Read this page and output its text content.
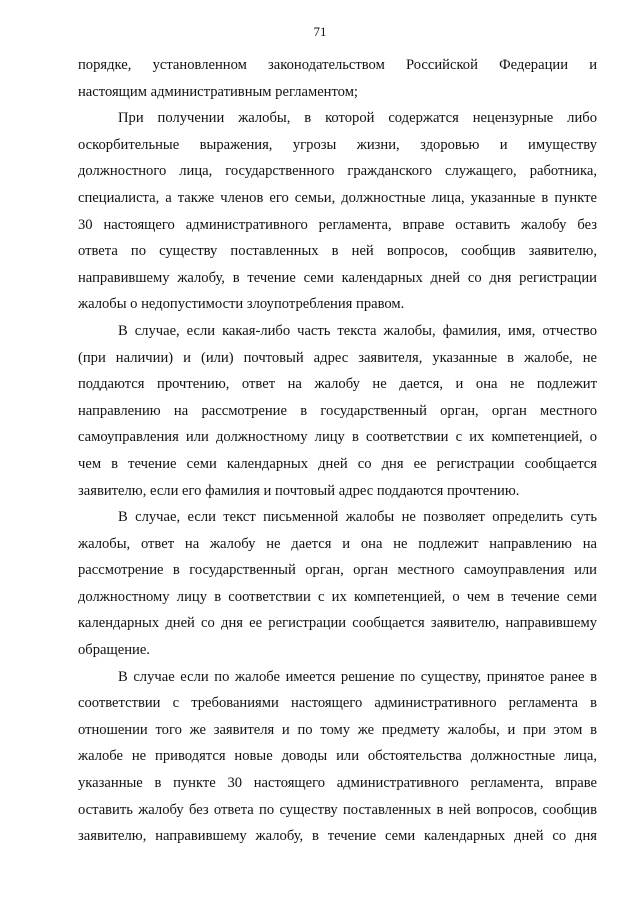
71
порядке, установленном законодательством Российской Федерации и
настоящим административным регламентом;
При получении жалобы, в которой содержатся нецензурные либо
оскорбительные выражения, угрозы жизни, здоровью и имуществу
должностного лица, государственного гражданского служащего, работника,
специалиста, а также членов его семьи, должностные лица, указанные в пункте
30 настоящего административного регламента, вправе оставить жалобу без
ответа по существу поставленных в ней вопросов, сообщив заявителю,
направившему жалобу, в течение семи календарных дней со дня регистрации
жалобы о недопустимости злоупотребления правом.
В случае, если какая-либо часть текста жалобы, фамилия, имя, отчество
(при наличии) и (или) почтовый адрес заявителя, указанные в жалобе, не
поддаются прочтению, ответ на жалобу не дается, и она не подлежит
направлению на рассмотрение в государственный орган, орган местного
самоуправления или должностному лицу в соответствии с их компетенцией, о
чем в течение семи календарных дней со дня ее регистрации сообщается
заявителю, если его фамилия и почтовый адрес поддаются прочтению.
В случае, если текст письменной жалобы не позволяет определить суть
жалобы, ответ на жалобу не дается и она не подлежит направлению на
рассмотрение в государственный орган, орган местного самоуправления или
должностному лицу в соответствии с их компетенцией, о чем в течение семи
календарных дней со дня ее регистрации сообщается заявителю, направившему
обращение.
В случае если по жалобе имеется решение по существу, принятое ранее в
соответствии с требованиями настоящего административного регламента в
отношении того же заявителя и по тому же предмету жалобы, и при этом в
жалобе не приводятся новые доводы или обстоятельства должностные лица,
указанные в пункте 30 настоящего административного регламента, вправе
оставить жалобу без ответа по существу поставленных в ней вопросов, сообщив
заявителю, направившему жалобу, в течение семи календарных дней со дня
